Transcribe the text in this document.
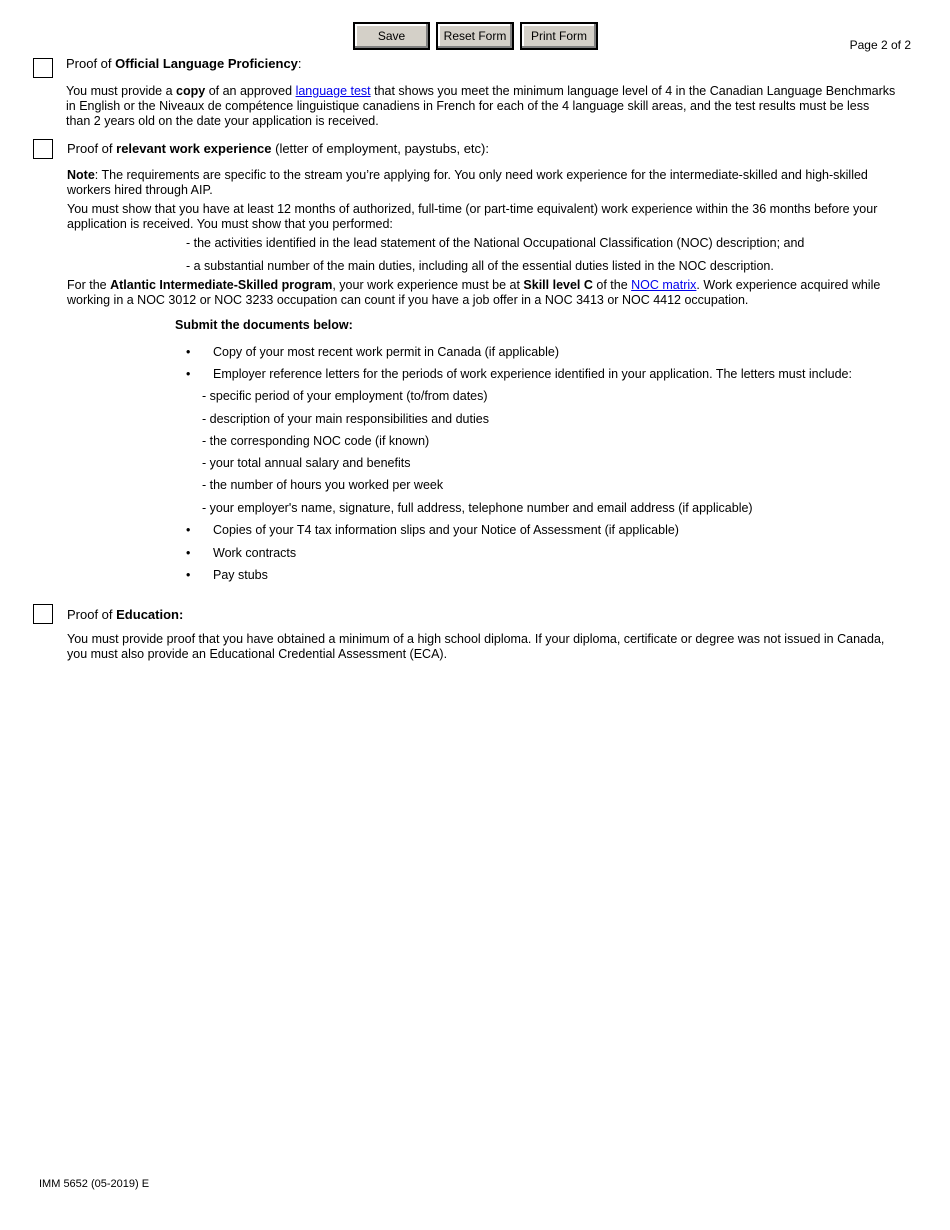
Save	Reset Form	Print Form
Page 2 of 2
Proof of Official Language Proficiency:
You must provide a copy of an approved language test that shows you meet the minimum language level of 4 in the Canadian Language Benchmarks in English or the Niveaux de compétence linguistique canadiens in French for each of the 4 language skill areas, and the test results must be less than 2 years old on the date your application is received.
Proof of relevant work experience (letter of employment, paystubs, etc):
Note: The requirements are specific to the stream you’re applying for. You only need work experience for the intermediate-skilled and high-skilled workers hired through AIP.
You must show that you have at least 12 months of authorized, full-time (or part-time equivalent) work experience within the 36 months before your application is received. You must show that you performed:
- the activities identified in the lead statement of the National Occupational Classification (NOC) description; and
- a substantial number of the main duties, including all of the essential duties listed in the NOC description.
For the Atlantic Intermediate-Skilled program, your work experience must be at Skill level C of the NOC matrix. Work experience acquired while working in a NOC 3012 or NOC 3233 occupation can count if you have a job offer in a NOC 3413 or NOC 4412 occupation.
Submit the documents below:
• Copy of your most recent work permit in Canada (if applicable)
• Employer reference letters for the periods of work experience identified in your application. The letters must include:
- specific period of your employment (to/from dates)
- description of your main responsibilities and duties
- the corresponding NOC code (if known)
- your total annual salary and benefits
- the number of hours you worked per week
- your employer's name, signature, full address, telephone number and email address (if applicable)
• Copies of your T4 tax information slips and your Notice of Assessment (if applicable)
• Work contracts
• Pay stubs
Proof of Education:
You must provide proof that you have obtained a minimum of a high school diploma. If your diploma, certificate or degree was not issued in Canada, you must also provide an Educational Credential Assessment (ECA).
IMM 5652 (05-2019) E
